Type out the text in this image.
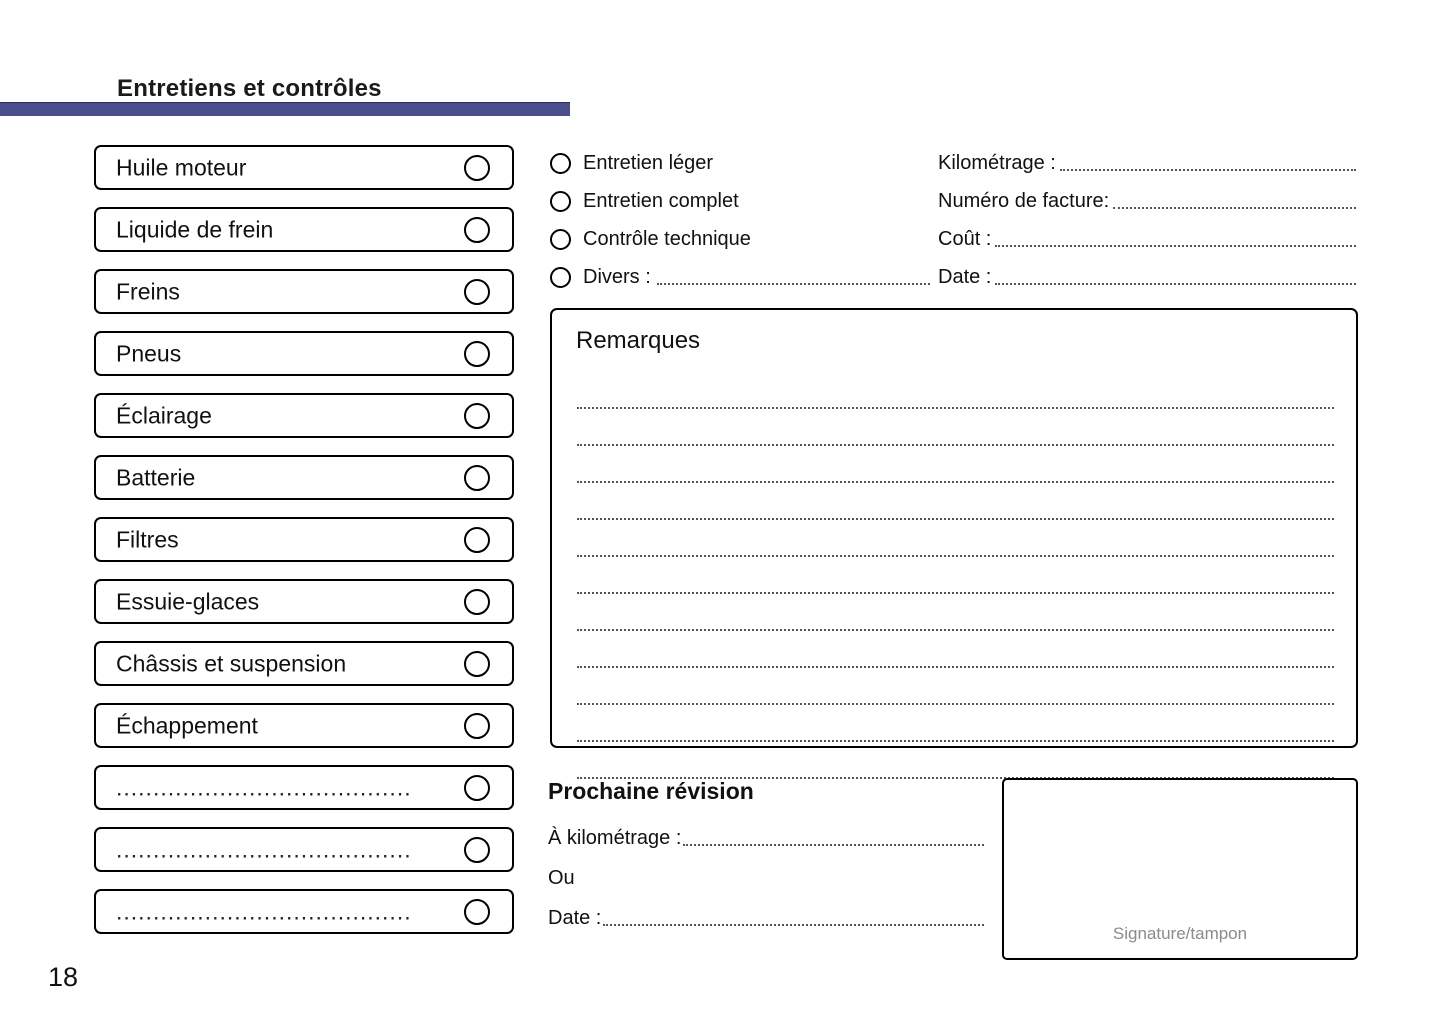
Entretiens et contrôles
Huile moteur
Liquide de frein
Freins
Pneus
Éclairage
Batterie
Filtres
Essuie-glaces
Châssis et suspension
Échappement
........................................
........................................
........................................
Entretien léger
Entretien complet
Contrôle technique
Divers :
Kilométrage :
Numéro de facture:
Coût :
Date :
Remarques
Prochaine révision
À kilométrage :
Ou
Date :
Signature/tampon
18
